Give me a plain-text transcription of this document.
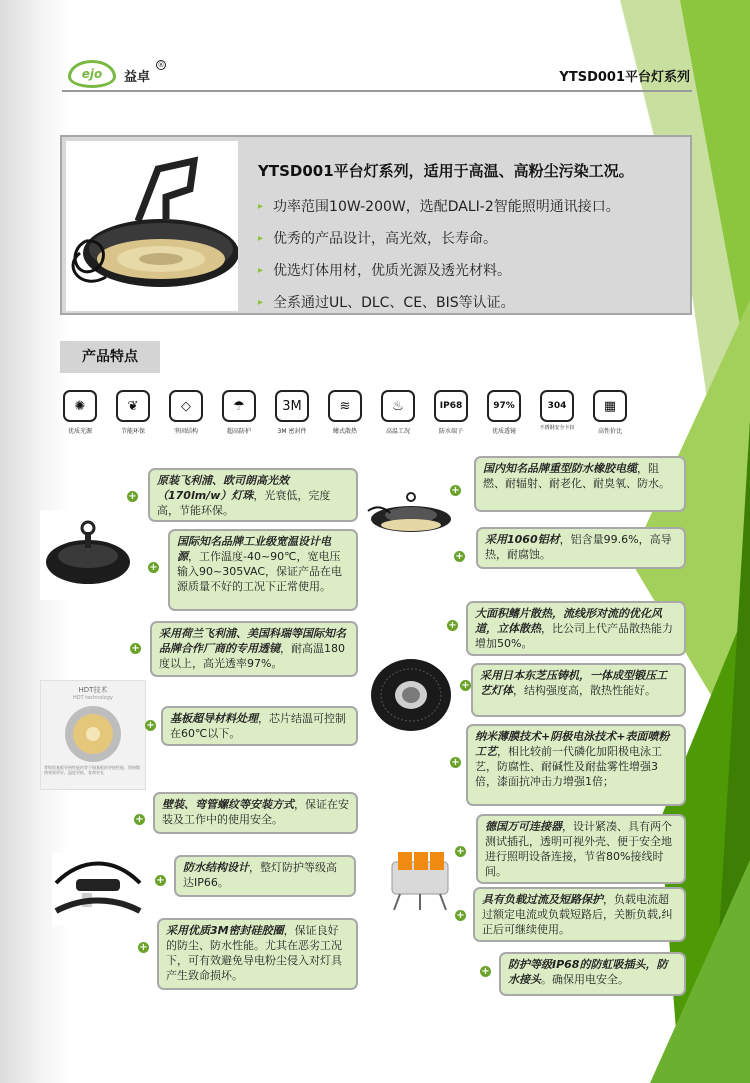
ejo 益卓
®
YTSD001平台灯系列
YTSD001平台灯系列，适用于高温、高粉尘污染工况。
▸ 功率范围10W-200W，选配DALI-2智能照明通讯接口。
▸ 优秀的产品设计，高光效，长寿命。
▸ 优选灯体用材，优质光源及透光材料。
▸ 全系通过UL、DLC、CE、BIS等认证。
产品特点
✺
优质光源
❦
节能环保
◇
坚固结构
☂
超高防护
3M
3M 密封件
≋
鳍式散热
♨
高温工况
IP68
防水端子
97%
优质透镜
304
不锈钢安全卡扣
▦
高性价比
HDT技术
HDT technology
等级铝基板导热性能约等于铜基板的导热性能，焊接散热效果更好，温度更低，寿命更长
+
原装飞利浦、欧司朗高光效（170lm/w）灯珠，光衰低，完度高，节能环保。
+
国际知名品牌工业级宽温设计电源，工作温度-40~90℃，宽电压输入90~305VAC，保证产品在电源质量不好的工况下正常使用。
+
采用荷兰飞利浦、美国科瑞等国际知名品牌合作厂商的专用透镜，耐高温180度以上，高光透率97%。
+
基板超导材料处理，芯片结温可控制在60℃以下。
+
壁装、弯管螺纹等安装方式，保证在安装及工作中的使用安全。
+
防水结构设计，整灯防护等级高达IP66。
+
采用优质3M密封硅胶圈，保证良好的防尘、防水性能。尤其在恶劣工况下，可有效避免导电粉尘侵入对灯具产生致命损坏。
+
国内知名品牌重型防水橡胶电缆，阻燃、耐辐射、耐老化、耐臭氧、防水。
+
采用1060铝材，铝含量99.6%，高导热，耐腐蚀。
+
大面积鳍片散热，流线形对流的优化风道，立体散热，比公司上代产品散热能力增加50%。
+
采用日本东芝压铸机，一体成型锻压工艺灯体，结构强度高，散热性能好。
+
纳米薄膜技术+阴极电泳技术+表面喷粉工艺，相比较前一代磷化加阳极电泳工艺，防腐性、耐碱性及耐盐雾性增强3倍，漆面抗冲击力增强1倍；
+
德国万可连接器，设计紧凑、具有两个测试插孔，透明可视外壳、便于安全地进行照明设备连接，节省80%接线时间。
+
具有负载过流及短路保护，负载电流超过额定电流或负载短路后，关断负载,纠正后可继续使用。
+
防护等级IP68的防虹吸插头，防水接头。确保用电安全。
